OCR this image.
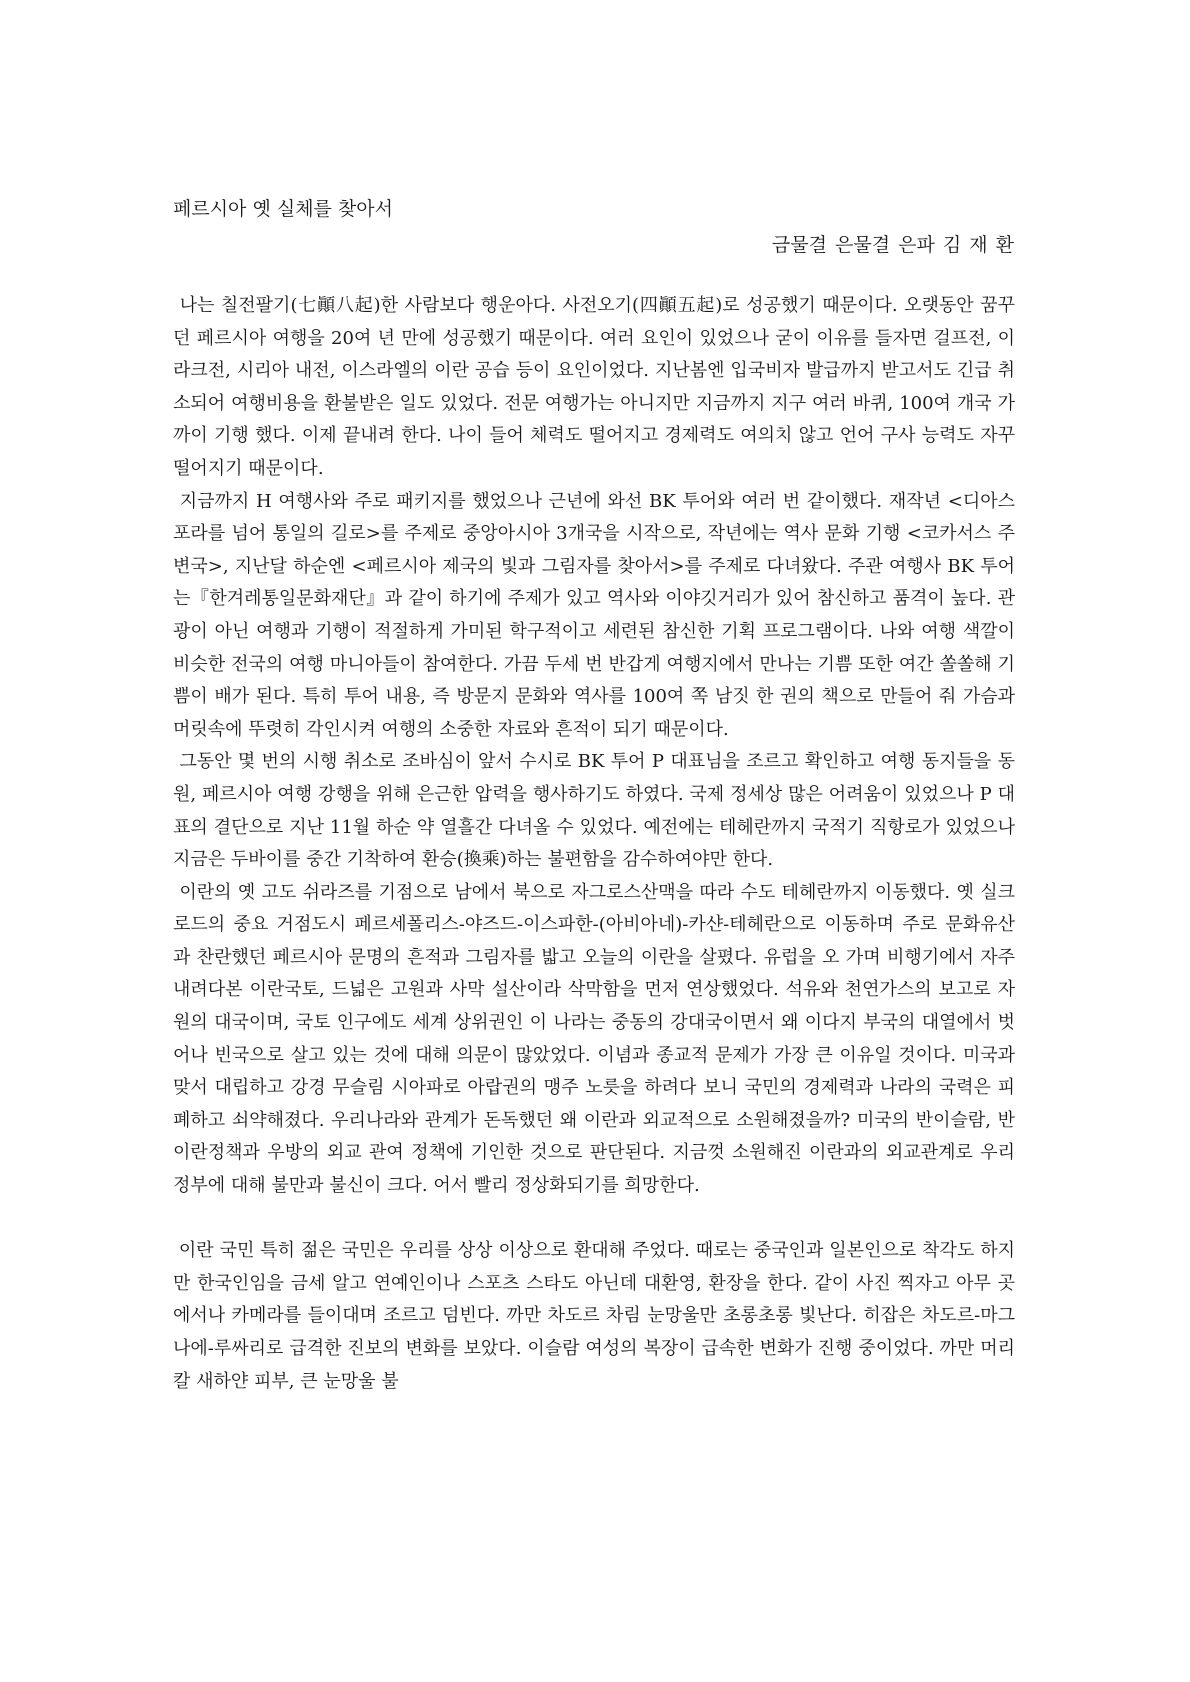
페르시아 옛 실체를 찾아서
금물결 은물결 은파 김 재 환

나는 칠전팔기(七顚八起)한 사람보다 행운아다. 사전오기(四顚五起)로 성공했기 때문이다. 오랫동안 꿈꾸던 페르시아 여행을 20여 년 만에 성공했기 때문이다. 여러 요인이 있었으나 굳이 이유를 들자면 걸프전, 이라크전, 시리아 내전, 이스라엘의 이란 공습 등이 요인이었다. 지난봄엔 입국비자 발급까지 받고서도 긴급 취소되어 여행비용을 환불받은 일도 있었다. 전문 여행가는 아니지만 지금까지 지구 여러 바퀴, 100여 개국 가까이 기행 했다. 이제 끝내려 한다. 나이 들어 체력도 떨어지고 경제력도 여의치 않고 언어 구사 능력도 자꾸 떨어지기 때문이다.

지금까지 H 여행사와 주로 패키지를 했었으나 근년에 와선 BK 투어와 여러 번 같이했다. 재작년 <디아스포라를 넘어 통일의 길로>를 주제로 중앙아시아 3개국을 시작으로, 작년에는 역사 문화 기행 <코카서스 주변국>, 지난달 하순엔 <페르시아 제국의 빛과 그림자를 찾아서>를 주제로 다녀왔다. 주관 여행사 BK 투어는『한겨레통일문화재단』과 같이 하기에 주제가 있고 역사와 이야깃거리가 있어 참신하고 품격이 높다. 관광이 아닌 여행과 기행이 적절하게 가미된 학구적이고 세련된 참신한 기획 프로그램이다. 나와 여행 색깔이 비슷한 전국의 여행 마니아들이 참여한다. 가끔 두세 번 반갑게 여행지에서 만나는 기쁨 또한 여간 쏠쏠해 기쁨이 배가 된다. 특히 투어 내용, 즉 방문지 문화와 역사를 100여 쪽 남짓 한 권의 책으로 만들어 줘 가슴과 머릿속에 뚜렷히 각인시켜 여행의 소중한 자료와 흔적이 되기 때문이다.

그동안 몇 번의 시행 취소로 조바심이 앞서 수시로 BK 투어 P 대표님을 조르고 확인하고 여행 동지들을 동원, 페르시아 여행 강행을 위해 은근한 압력을 행사하기도 하였다. 국제 정세상 많은 어려움이 있었으나 P 대표의 결단으로 지난 11월 하순 약 열흘간 다녀올 수 있었다. 예전에는 테헤란까지 국적기 직항로가 있었으나 지금은 두바이를 중간 기착하여 환승(換乘)하는 불편함을 감수하여야만 한다.

이란의 옛 고도 쉬라즈를 기점으로 남에서 북으로 자그로스산맥을 따라 수도 테헤란까지 이동했다. 옛 실크로드의 중요 거점도시 페르세폴리스-야즈드-이스파한-(아비아네)-카샨-테헤란으로 이동하며 주로 문화유산과 찬란했던 페르시아 문명의 흔적과 그림자를 밟고 오늘의 이란을 살폈다. 유럽을 오 가며 비행기에서 자주 내려다본 이란국토, 드넓은 고원과 사막 설산이라 삭막함을 먼저 연상했었다. 석유와 천연가스의 보고로 자원의 대국이며, 국토 인구에도 세계 상위권인 이 나라는 중동의 강대국이면서 왜 이다지 부국의 대열에서 벗어나 빈국으로 살고 있는 것에 대해 의문이 많았었다. 이념과 종교적 문제가 가장 큰 이유일 것이다. 미국과 맞서 대립하고 강경 무슬림 시아파로 아랍권의 맹주 노릇을 하려다 보니 국민의 경제력과 나라의 국력은 피폐하고 쇠약해졌다. 우리나라와 관계가 돈독했던 왜 이란과 외교적으로 소원해졌을까? 미국의 반이슬람, 반이란정책과 우방의 외교 관여 정책에 기인한 것으로 판단된다. 지금껏 소원해진 이란과의 외교관계로 우리 정부에 대해 불만과 불신이 크다. 어서 빨리 정상화되기를 희망한다.

이란 국민 특히 젊은 국민은 우리를 상상 이상으로 환대해 주었다. 때로는 중국인과 일본인으로 착각도 하지만 한국인임을 금세 알고 연예인이나 스포츠 스타도 아닌데 대환영, 환장을 한다. 같이 사진 찍자고 아무 곳에서나 카메라를 들이대며 조르고 덤빈다. 까만 차도르 차림 눈망울만 초롱초롱 빛난다. 히잡은 차도르-마그나에-루싸리로 급격한 진보의 변화를 보았다. 이슬람 여성의 복장이 급속한 변화가 진행 중이었다. 까만 머리칼 새하얀 피부, 큰 눈망울 불
